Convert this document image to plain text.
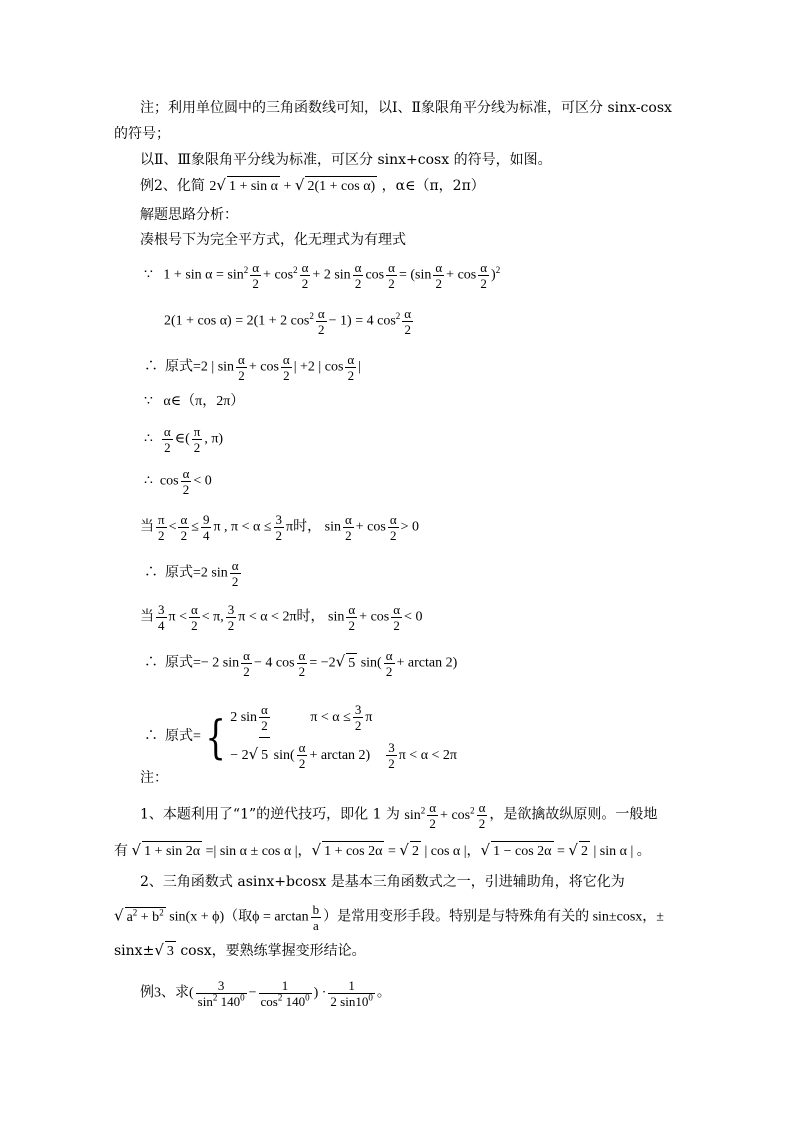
注；利用单位圆中的三角函数线可知，以Ⅰ、Ⅱ象限角平分线为标准，可区分 sinx-cosx
的符号；
以Ⅱ、Ⅲ象限角平分线为标准，可区分 sinx+cosx 的符号，如图。
例2、化简 2√ 1 + sin α + √ 2(1 + cos α) ，α∈（π，2π）
解题思路分析：
凑根号下为完全平方式，化无理式为有理式
∵   $1 + \sin \alpha = \sin^2 \frac{\alpha}{2} + \cos^2 \frac{\alpha}{2} + 2$ $\sin \frac{\alpha}{2}$ $\cos \frac{\alpha}{2} = (\sin \frac{\alpha}{2} + \cos \frac{\alpha}{2} )^2$
2(1 + cos α) = 2(1 + 2 $\cos^2 \frac{\alpha}{2} - 1) = 4$ $\cos^2 \frac{\alpha}{2}$
∴ 原式=2 | $\sin \frac{\alpha}{2} + \cos \frac{\alpha}{2}$ | +2 | $\cos \frac{\alpha}{2}$ |
∵ α∈（π，2π）
∴ $\frac{\alpha}{2}$ ∈( $\frac{\pi}{2}$ , π)
∴  $\cos \frac{\alpha}{2} < 0$
当 $\frac{\pi}{2} < \frac{\alpha}{2} \le \frac{9}{4}$ π , $\pi < \alpha \le \frac{3}{2}$ π时， $\sin \frac{\alpha}{2} + \cos \frac{\alpha}{2} > 0$
∴ 原式=2 $\sin \frac{\alpha}{2}$
当 $\frac{3}{4}$ $\pi < \frac{\alpha}{2} < \pi$, $\frac{3}{2}$ π < α < 2π时， $\sin \frac{\alpha}{2} + \cos \frac{\alpha}{2} < 0$
∴ 原式=− 2 $\sin \frac{\alpha}{2} - 4$ $\cos \frac{\alpha}{2} = -2√$ 5 $\sin( \frac{\alpha}{2} + \arctan 2)$
∴ 原式={ 2 $\sin \frac{\alpha}{2}$ $\pi < \alpha \le \frac{3}{2}$ π
− 2√ 5 $\sin( \frac{\alpha}{2} + \arctan 2) \frac{3}{2}$ π < α < 2π
注：
1、本题利用了“1”的逆代技巧，即化 1 为 $\sin^2 \frac{\alpha}{2} + \cos^2 \frac{\alpha}{2}$ ，是欲擒故纵原则。一般地
有 √ 1 + sin 2α =| sin α ± cos α |，√ 1 + cos 2α = √ 2 | cos α |，√ 1 − cos 2α = √ 2 | sin α | 。
2、三角函数式 asinx+bcosx 是基本三角函数式之一，引进辅助角，将它化为
√ $a^2 + b^2$ sin(x + ϕ)（取$\phi = \arctan \frac{b}{a}$ ）是常用变形手段。特别是与特殊角有关的 sin±cosx，±
sinx±√ 3 cosx，要熟练掌握变形结论。
例3、求( $\frac{3}{\sin^2 140^0} - \frac{1}{\cos^2 140^0}$ ) · $\frac{1}{2 \sin 10^0}$ 。
